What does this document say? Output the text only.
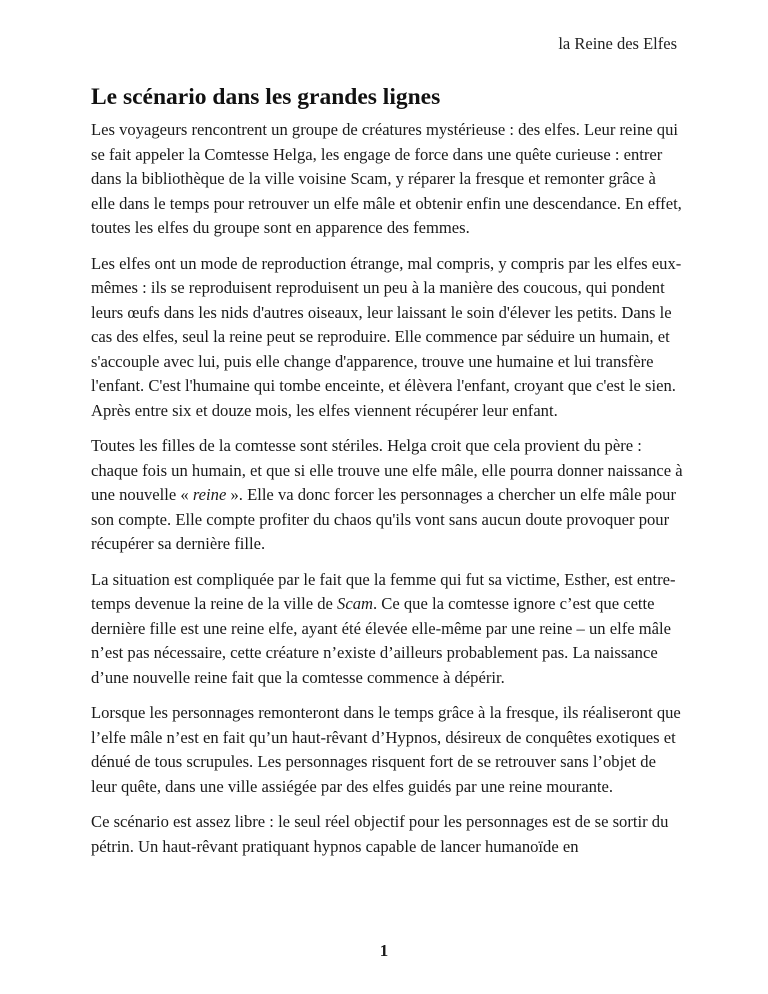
la Reine des Elfes
Le scénario dans les grandes lignes

Les voyageurs rencontrent un groupe de créatures mystérieuse : des elfes. Leur reine qui se fait appeler la Comtesse Helga, les engage de force dans une quête curieuse : entrer dans la bibliothèque de la ville voisine Scam, y réparer la fresque et remonter grâce à elle dans le temps pour retrouver un elfe mâle et obtenir enfin une descendance. En effet, toutes les elfes du groupe sont en apparence des femmes.

Les elfes ont un mode de reproduction étrange, mal compris, y compris par les elfes eux-mêmes : ils se reproduisent reproduisent un peu à la manière des coucous, qui pondent leurs œufs dans les nids d'autres oiseaux, leur laissant le soin d'élever les petits. Dans le cas des elfes, seul la reine peut se reproduire. Elle commence par séduire un humain, et s'accouple avec lui, puis elle change d'apparence, trouve une humaine et lui transfère l'enfant. C'est l'humaine qui tombe enceinte, et élèvera l'enfant, croyant que c'est le sien. Après entre six et douze mois, les elfes viennent récupérer leur enfant.

Toutes les filles de la comtesse sont stériles. Helga croit que cela provient du père : chaque fois un humain, et que si elle trouve une elfe mâle, elle pourra donner naissance à une nouvelle « reine ». Elle va donc forcer les personnages a chercher un elfe mâle pour son compte. Elle compte profiter du chaos qu'ils vont sans aucun doute provoquer pour récupérer sa dernière fille.

La situation est compliquée par le fait que la femme qui fut sa victime, Esther, est entre-temps devenue la reine de la ville de Scam. Ce que la comtesse ignore c’est que cette dernière fille est une reine elfe, ayant été élevée elle-même par une reine – un elfe mâle n’est pas nécessaire, cette créature n’existe d’ailleurs probablement pas. La naissance d’une nouvelle reine fait que la comtesse commence à dépérir.

Lorsque les personnages remonteront dans le temps grâce à la fresque, ils réaliseront que l’elfe mâle n’est en fait qu’un haut-rêvant d’Hypnos, désireux de conquêtes exotiques et dénué de tous scrupules. Les personnages risquent fort de se retrouver sans l’objet de leur quête, dans une ville assiégée par des elfes guidés par une reine mourante.

Ce scénario est assez libre : le seul réel objectif pour les personnages est de se sortir du pétrin. Un haut-rêvant pratiquant hypnos capable de lancer humanoïde en

1
